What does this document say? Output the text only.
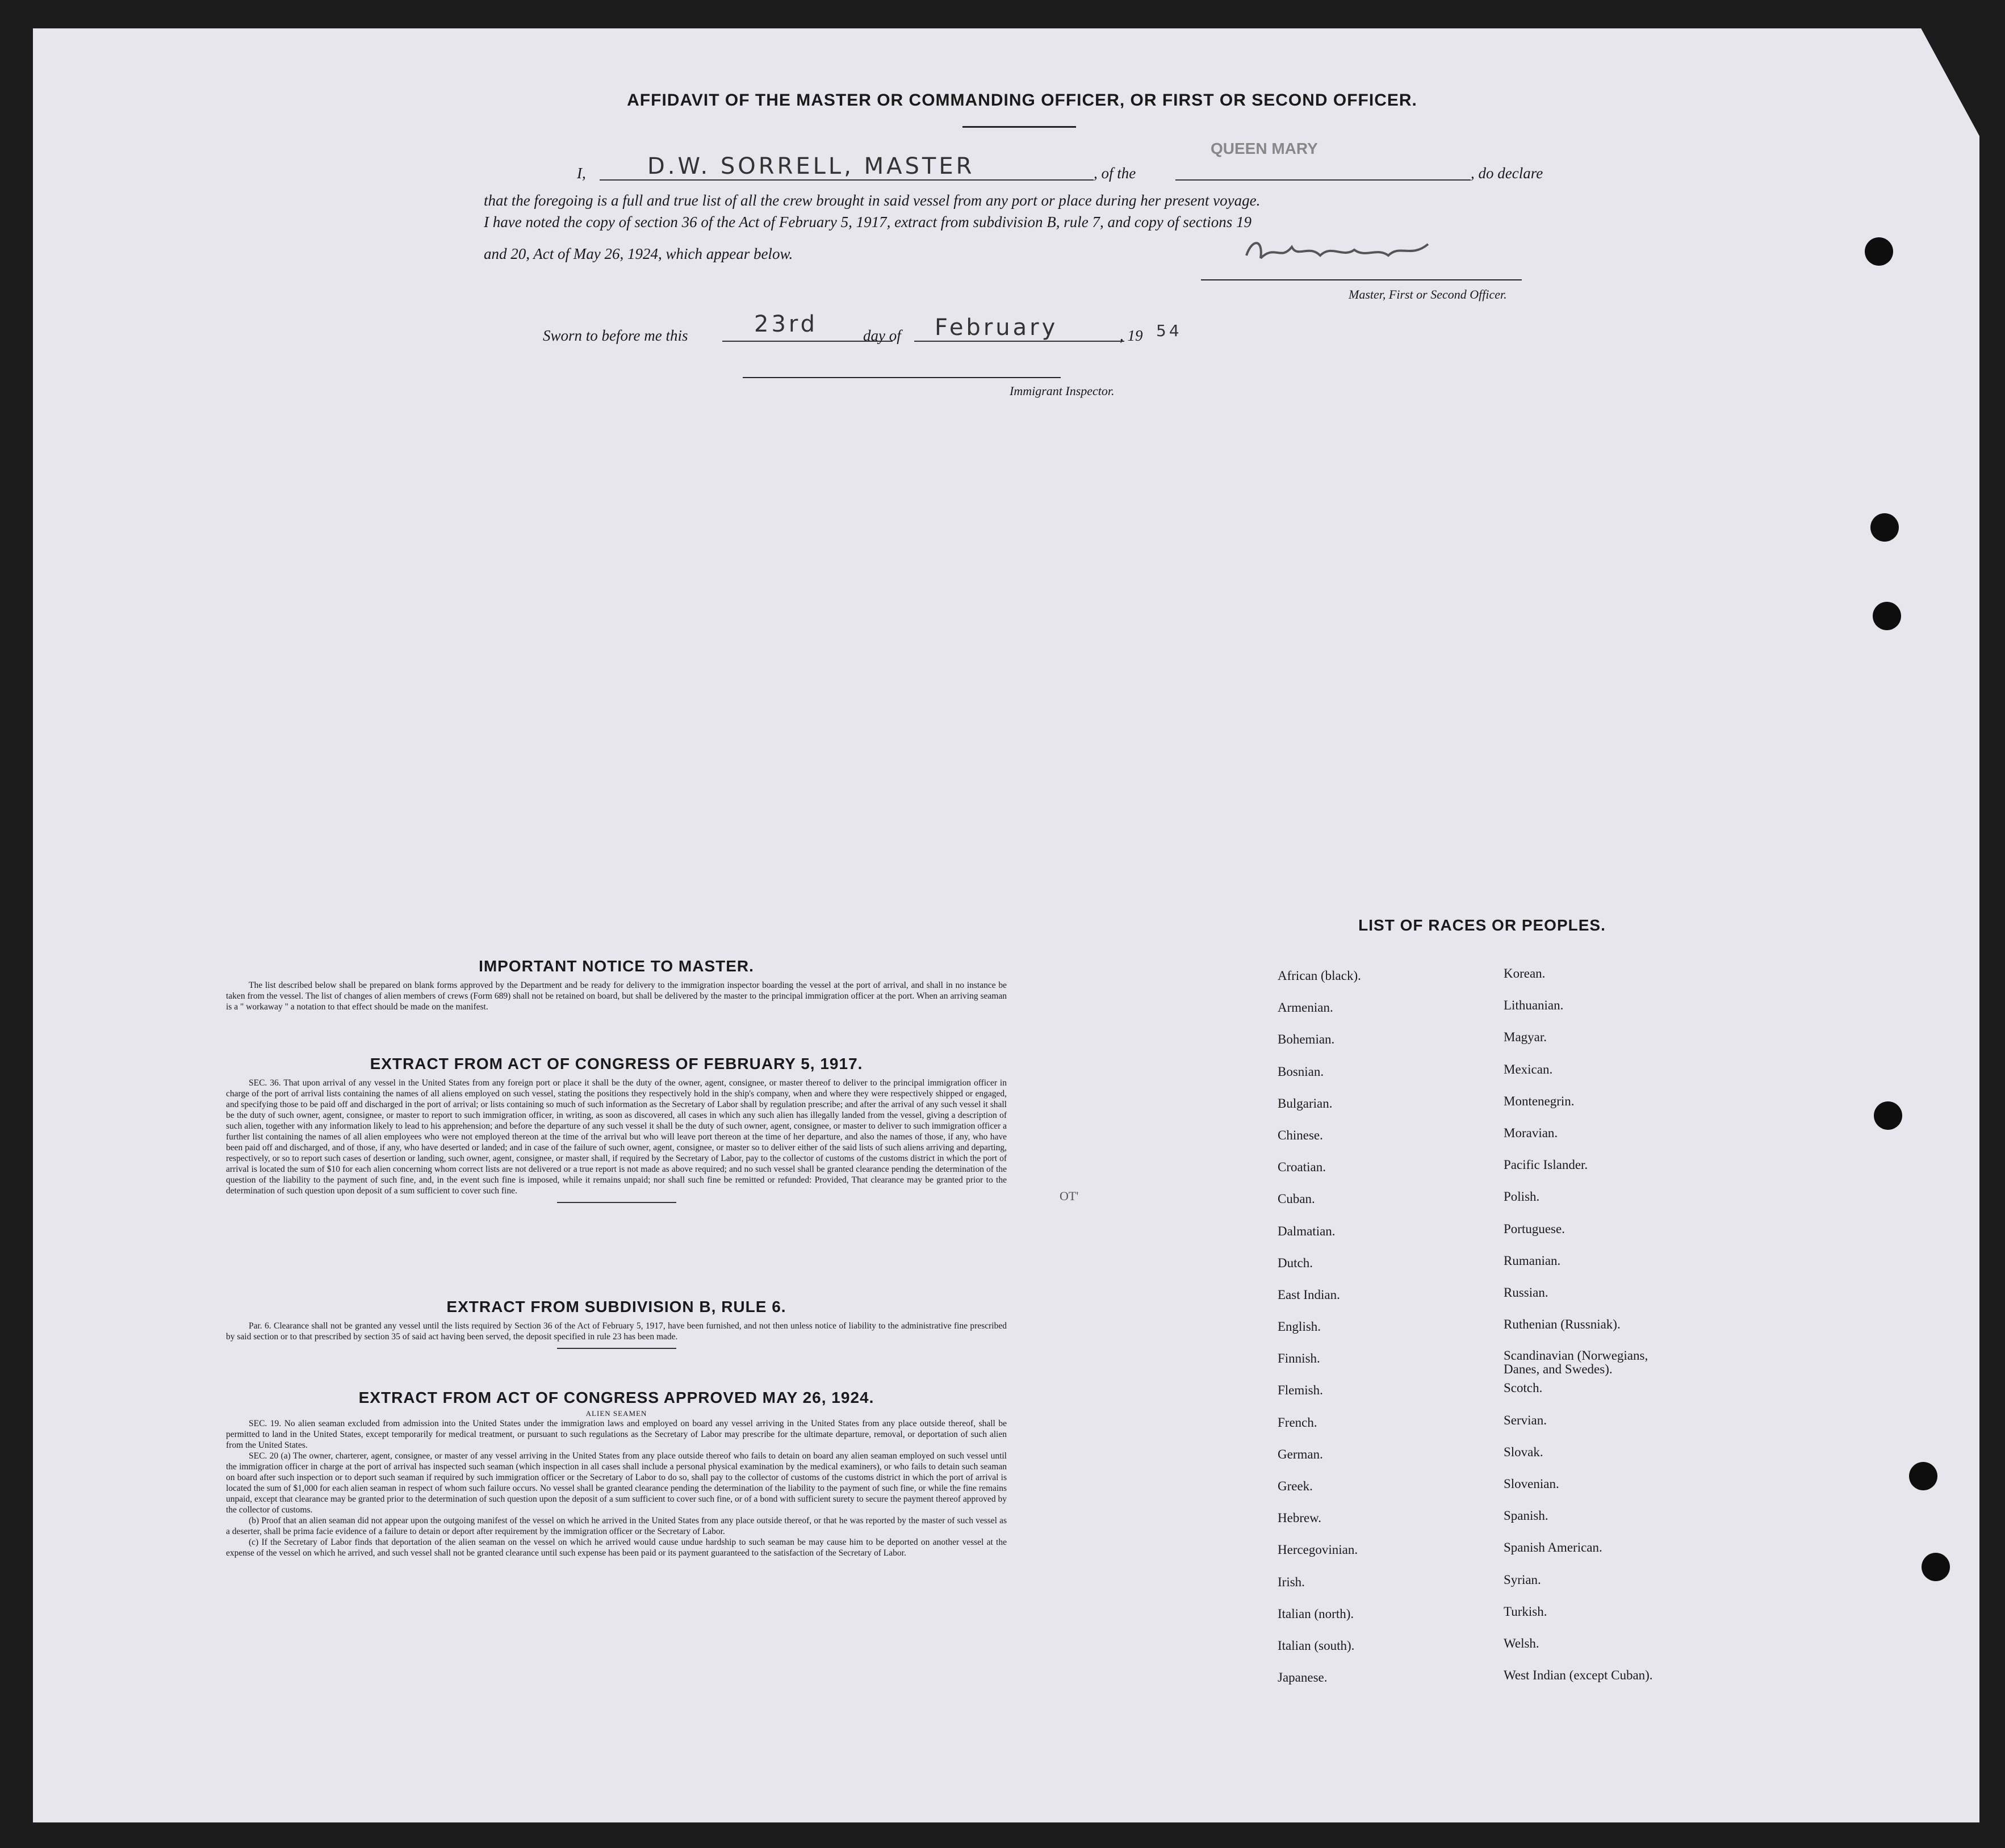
AFFIDAVIT OF THE MASTER OR COMMANDING OFFICER, OR FIRST OR SECOND OFFICER.
I,	D.W. SORRELL, MASTER	, of the
QUEEN MARY
, do declare
that the foregoing is a full and true list of all the crew brought in said vessel from any port or place during her present voyage.
I have noted the copy of section 36 of the Act of February 5, 1917, extract from subdivision B, rule 7, and copy of sections 19
and 20, Act of May 26, 1924, which appear below.
Master, First or Second Officer.
Sworn to before me this	23rd	day of February	, 19 54
Immigrant Inspector.
OT'
IMPORTANT NOTICE TO MASTER.

The list described below shall be prepared on blank forms approved by the Department and be ready for delivery to the immigration inspector boarding the vessel at the port of arrival, and shall in no instance be taken from the vessel. The list of changes of alien members of crews (Form 689) shall not be retained on board, but shall be delivered by the master to the principal immigration officer at the port. When an arriving seaman is a " workaway " a notation to that effect should be made on the manifest.

EXTRACT FROM ACT OF CONGRESS OF FEBRUARY 5, 1917.

SEC. 36. That upon arrival of any vessel in the United States from any foreign port or place it shall be the duty of the owner, agent, consignee, or master thereof to deliver to the principal immigration officer in charge of the port of arrival lists containing the names of all aliens employed on such vessel, stating the positions they respectively hold in the ship's company, when and where they were respectively shipped or engaged, and specifying those to be paid off and discharged in the port of arrival; or lists containing so much of such information as the Secretary of Labor shall by regulation prescribe; and after the arrival of any such vessel it shall be the duty of such owner, agent, consignee, or master to report to such immigration officer, in writing, as soon as discovered, all cases in which any such alien has illegally landed from the vessel, giving a description of such alien, together with any information likely to lead to his apprehension; and before the departure of any such vessel it shall be the duty of such owner, agent, consignee, or master to deliver to such immigration officer a further list containing the names of all alien employees who were not employed thereon at the time of the arrival but who will leave port thereon at the time of her departure, and also the names of those, if any, who have been paid off and discharged, and of those, if any, who have deserted or landed; and in case of the failure of such owner, agent, consignee, or master so to deliver either of the said lists of such aliens arriving and departing, respectively, or so to report such cases of desertion or landing, such owner, agent, consignee, or master shall, if required by the Secretary of Labor, pay to the collector of customs of the customs district in which the port of arrival is located the sum of $10 for each alien concerning whom correct lists are not delivered or a true report is not made as above required; and no such vessel shall be granted clearance pending the determination of the question of the liability to the payment of such fine, and, in the event such fine is imposed, while it remains unpaid; nor shall such fine be remitted or refunded: Provided, That clearance may be granted prior to the determination of such question upon deposit of a sum sufficient to cover such fine.

EXTRACT FROM SUBDIVISION B, RULE 6.

Par. 6. Clearance shall not be granted any vessel until the lists required by Section 36 of the Act of February 5, 1917, have been furnished, and not then unless notice of liability to the administrative fine prescribed by said section or to that prescribed by section 35 of said act having been served, the deposit specified in rule 23 has been made.

EXTRACT FROM ACT OF CONGRESS APPROVED MAY 26, 1924.
ALIEN SEAMEN

SEC. 19. No alien seaman excluded from admission into the United States under the immigration laws and employed on board any vessel arriving in the United States from any place outside thereof, shall be permitted to land in the United States, except temporarily for medical treatment, or pursuant to such regulations as the Secretary of Labor may prescribe for the ultimate departure, removal, or deportation of such alien from the United States.

SEC. 20 (a) The owner, charterer, agent, consignee, or master of any vessel arriving in the United States from any place outside thereof who fails to detain on board any alien seaman employed on such vessel until the immigration officer in charge at the port of arrival has inspected such seaman (which inspection in all cases shall include a personal physical examination by the medical examiners), or who fails to detain such seaman on board after such inspection or to deport such seaman if required by such immigration officer or the Secretary of Labor to do so, shall pay to the collector of customs of the customs district in which the port of arrival is located the sum of $1,000 for each alien seaman in respect of whom such failure occurs. No vessel shall be granted clearance pending the determination of the liability to the payment of such fine, or while the fine remains unpaid, except that clearance may be granted prior to the determination of such question upon the deposit of a sum sufficient to cover such fine, or of a bond with sufficient surety to secure the payment thereof approved by the collector of customs.

(b) Proof that an alien seaman did not appear upon the outgoing manifest of the vessel on which he arrived in the United States from any place outside thereof, or that he was reported by the master of such vessel as a deserter, shall be prima facie evidence of a failure to detain or deport after requirement by the immigration officer or the Secretary of Labor.

(c) If the Secretary of Labor finds that deportation of the alien seaman on the vessel on which he arrived would cause undue hardship to such seaman be may cause him to be deported on another vessel at the expense of the vessel on which he arrived, and such vessel shall not be granted clearance until such expense has been paid or its payment guaranteed to the satisfaction of the Secretary of Labor.

LIST OF RACES OR PEOPLES.
African (black).
Armenian.
Bohemian.
Bosnian.
Bulgarian.
Chinese.
Croatian.
Cuban.
Dalmatian.
Dutch.
East Indian.
English.
Finnish.
Flemish.
French.
German.
Greek.
Hebrew.
Hercegovinian.
Irish.
Italian (north).
Italian (south).
Japanese.
Korean.
Lithuanian.
Magyar.
Mexican.
Montenegrin.
Moravian.
Pacific Islander.
Polish.
Portuguese.
Rumanian.
Russian.
Ruthenian (Russniak).
Scandinavian (Norwegians, Danes, and Swedes).
Scotch.
Servian.
Slovak.
Slovenian.
Spanish.
Spanish American.
Syrian.
Turkish.
Welsh.
West Indian (except Cuban).
